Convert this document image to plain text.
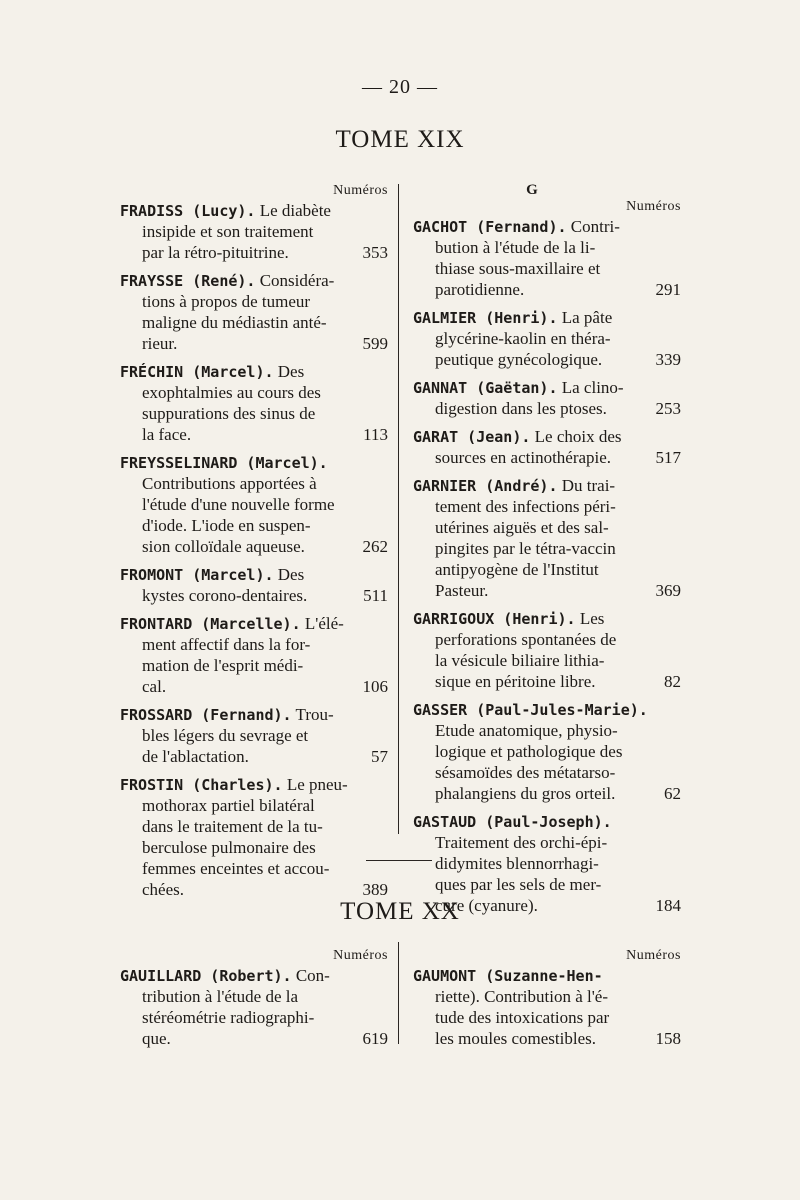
— 20 —
TOME XIX
Numéros
FRADISS (Lucy). Le diabète
insipide et son traitement
par la rétro-pituitrine.	353
FRAYSSE (René). Considéra-
tions à propos de tumeur
maligne du médiastin anté-
rieur.	599
FRÉCHIN (Marcel). Des
exophtalmies au cours des
suppurations des sinus de
la face.	113
FREYSSELINARD (Marcel).
Contributions apportées à
l'étude d'une nouvelle forme
d'iode. L'iode en suspen-
sion colloïdale aqueuse.	262
FROMONT (Marcel). Des
kystes corono-dentaires.	511
FRONTARD (Marcelle). L'élé-
ment affectif dans la for-
mation de l'esprit médi-
cal.	106
FROSSARD (Fernand). Trou-
bles légers du sevrage et
de l'ablactation.	57
FROSTIN (Charles). Le pneu-
mothorax partiel bilatéral
dans le traitement de la tu-
berculose pulmonaire des
femmes enceintes et accou-
chées.	389
G
Numéros
GACHOT (Fernand). Contri-
bution à l'étude de la li-
thiase sous-maxillaire et
parotidienne.	291
GALMIER (Henri). La pâte
glycérine-kaolin en théra-
peutique gynécologique.	339
GANNAT (Gaëtan). La clino-
digestion dans les ptoses.	253
GARAT (Jean). Le choix des
sources en actinothérapie.	517
GARNIER (André). Du trai-
tement des infections péri-
utérines aiguës et des sal-
pingites par le tétra-vaccin
antipyogène de l'Institut
Pasteur.	369
GARRIGOUX (Henri). Les
perforations spontanées de
la vésicule biliaire lithia-
sique en péritoine libre.	82
GASSER (Paul-Jules-Marie).
Etude anatomique, physio-
logique et pathologique des
sésamoïdes des métatarso-
phalangiens du gros orteil.	62
GASTAUD (Paul-Joseph).
Traitement des orchi-épi-
didymites blennorrhagi-
ques par les sels de mer-
cure (cyanure).	184
TOME XX
Numéros
GAUILLARD (Robert). Con-
tribution à l'étude de la
stéréométrie radiographi-
que.	619
Numéros
GAUMONT (Suzanne-Hen-
riette). Contribution à l'é-
tude des intoxications par
les moules comestibles.	158
